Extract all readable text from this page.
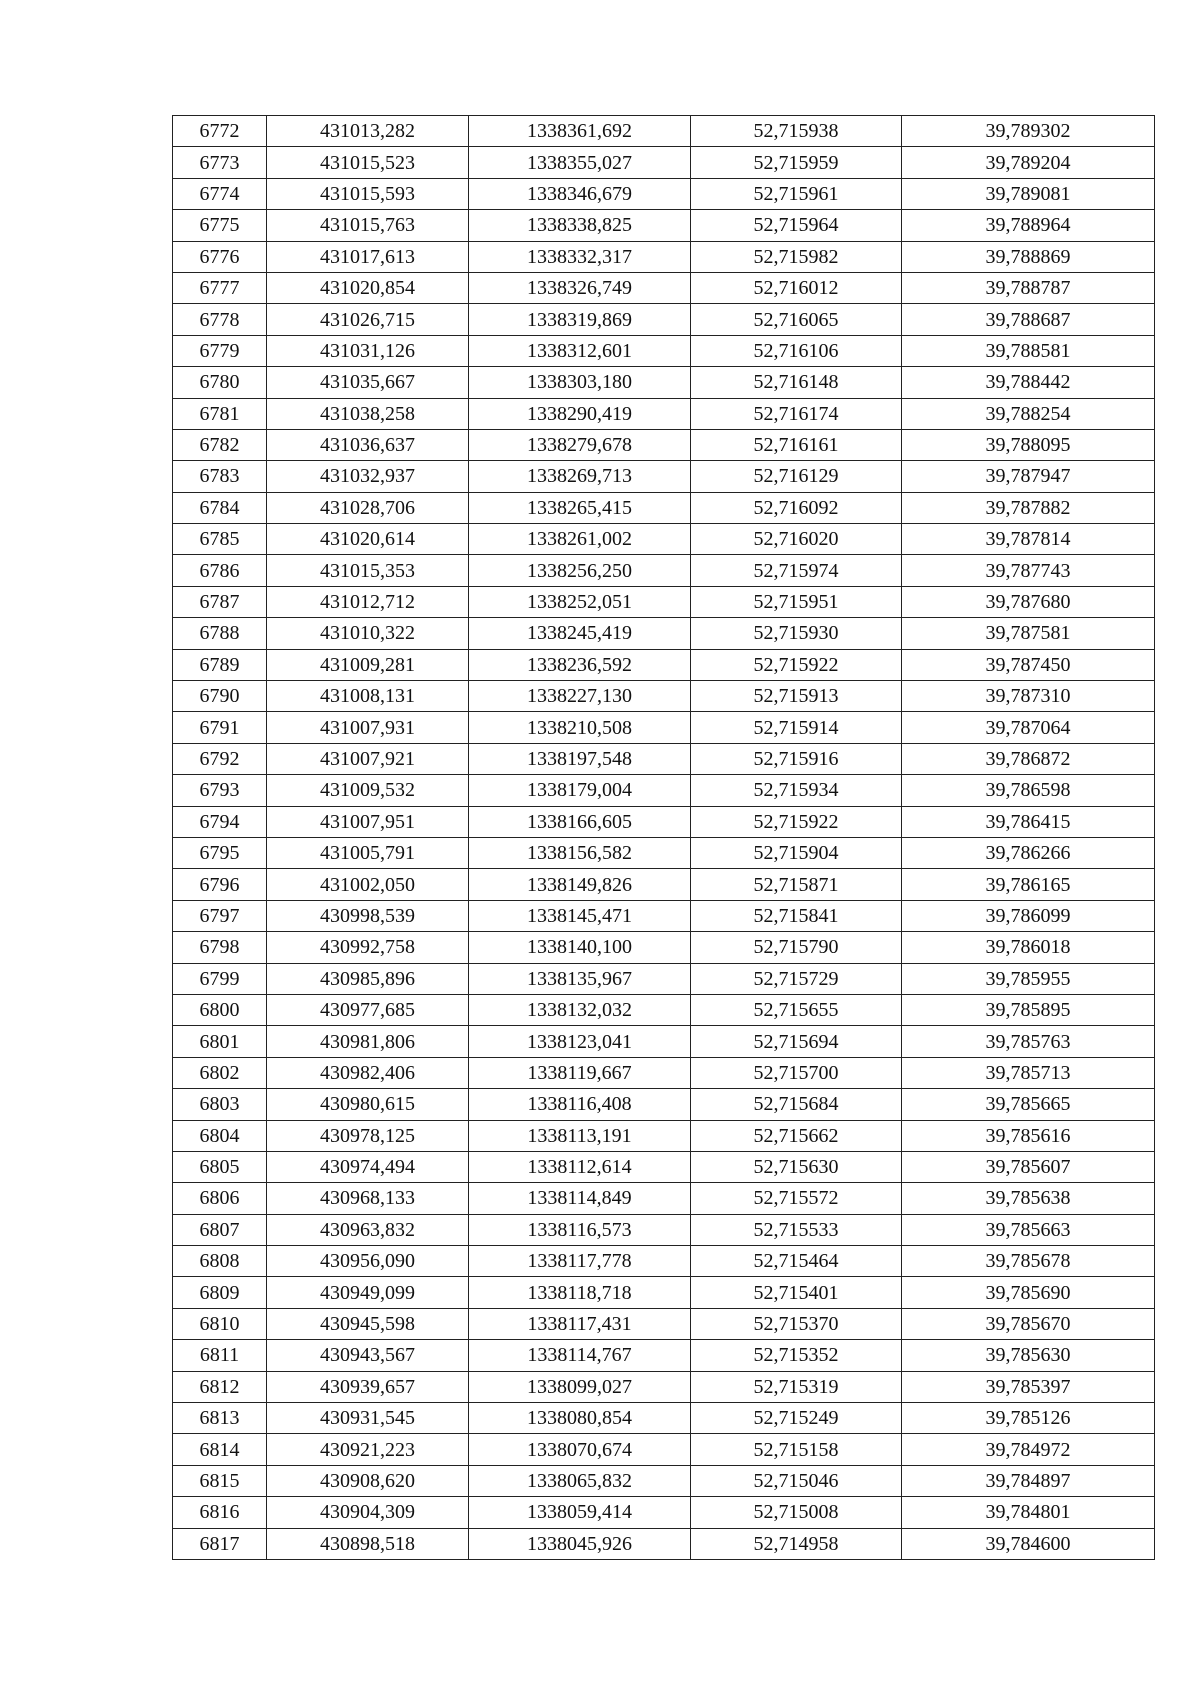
6772	431013,282	1338361,692	52,715938	39,789302
6773	431015,523	1338355,027	52,715959	39,789204
6774	431015,593	1338346,679	52,715961	39,789081
6775	431015,763	1338338,825	52,715964	39,788964
6776	431017,613	1338332,317	52,715982	39,788869
6777	431020,854	1338326,749	52,716012	39,788787
6778	431026,715	1338319,869	52,716065	39,788687
6779	431031,126	1338312,601	52,716106	39,788581
6780	431035,667	1338303,180	52,716148	39,788442
6781	431038,258	1338290,419	52,716174	39,788254
6782	431036,637	1338279,678	52,716161	39,788095
6783	431032,937	1338269,713	52,716129	39,787947
6784	431028,706	1338265,415	52,716092	39,787882
6785	431020,614	1338261,002	52,716020	39,787814
6786	431015,353	1338256,250	52,715974	39,787743
6787	431012,712	1338252,051	52,715951	39,787680
6788	431010,322	1338245,419	52,715930	39,787581
6789	431009,281	1338236,592	52,715922	39,787450
6790	431008,131	1338227,130	52,715913	39,787310
6791	431007,931	1338210,508	52,715914	39,787064
6792	431007,921	1338197,548	52,715916	39,786872
6793	431009,532	1338179,004	52,715934	39,786598
6794	431007,951	1338166,605	52,715922	39,786415
6795	431005,791	1338156,582	52,715904	39,786266
6796	431002,050	1338149,826	52,715871	39,786165
6797	430998,539	1338145,471	52,715841	39,786099
6798	430992,758	1338140,100	52,715790	39,786018
6799	430985,896	1338135,967	52,715729	39,785955
6800	430977,685	1338132,032	52,715655	39,785895
6801	430981,806	1338123,041	52,715694	39,785763
6802	430982,406	1338119,667	52,715700	39,785713
6803	430980,615	1338116,408	52,715684	39,785665
6804	430978,125	1338113,191	52,715662	39,785616
6805	430974,494	1338112,614	52,715630	39,785607
6806	430968,133	1338114,849	52,715572	39,785638
6807	430963,832	1338116,573	52,715533	39,785663
6808	430956,090	1338117,778	52,715464	39,785678
6809	430949,099	1338118,718	52,715401	39,785690
6810	430945,598	1338117,431	52,715370	39,785670
6811	430943,567	1338114,767	52,715352	39,785630
6812	430939,657	1338099,027	52,715319	39,785397
6813	430931,545	1338080,854	52,715249	39,785126
6814	430921,223	1338070,674	52,715158	39,784972
6815	430908,620	1338065,832	52,715046	39,784897
6816	430904,309	1338059,414	52,715008	39,784801
6817	430898,518	1338045,926	52,714958	39,784600
